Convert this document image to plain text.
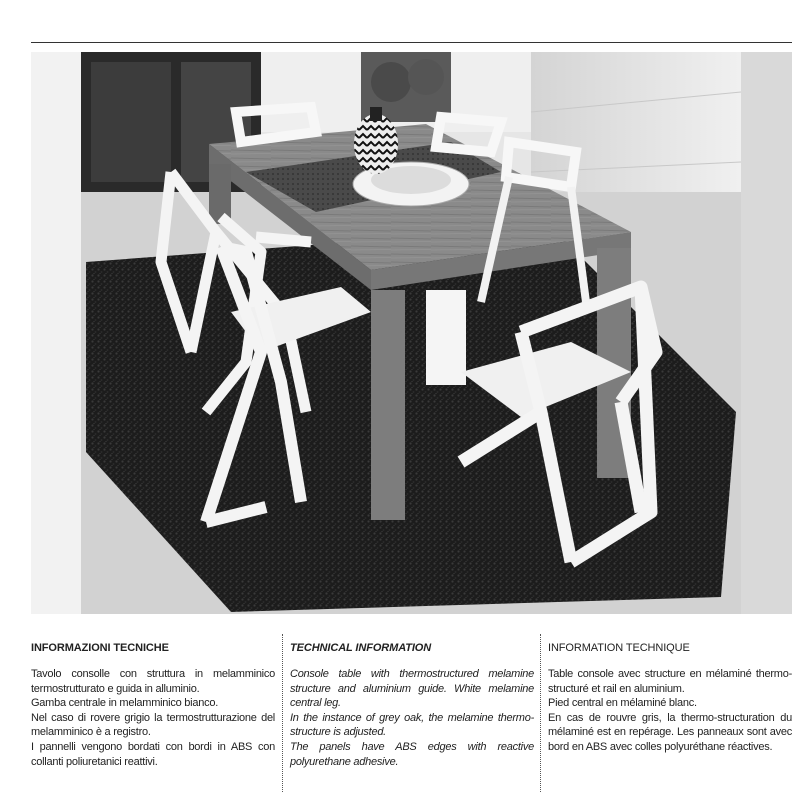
INFORMAZIONI TECNICHE

Tavolo consolle con struttura in melamminico termostrutturato e guida in alluminio.
Gamba centrale in melamminico bianco.
Nel caso di rovere grigio la termostrutturazione del melamminico è a registro.
I pannelli vengono bordati con bordi in ABS con collanti poliuretanici reattivi.

TECHNICAL INFORMATION

Console table with thermostructured melamine structure and aluminium guide. White melamine central leg.
In the instance of grey oak, the melamine thermo-structure is adjusted.
The panels have ABS edges with reactive polyurethane adhesive.

INFORMATION TECHNIQUE

Table console avec structure en mélaminé thermo-structuré et rail en aluminium.
Pied central en mélaminé blanc.
En cas de rouvre gris, la thermo-structuration du mélaminé est en repérage. Les panneaux sont avec bord en ABS avec colles polyuréthane réactives.
